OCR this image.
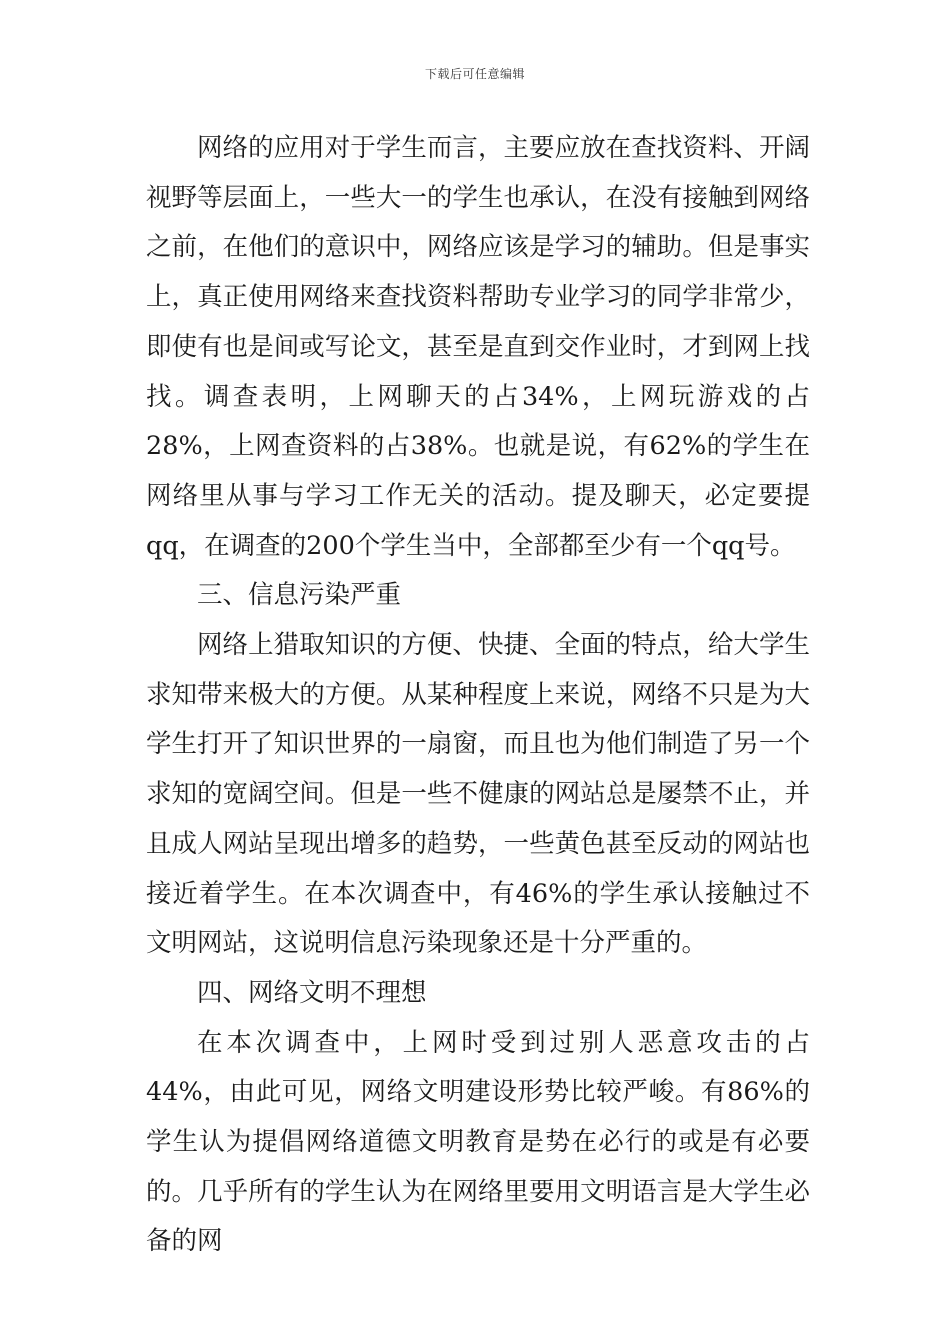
下载后可任意编辑

网络的应用对于学生而言，主要应放在查找资料、开阔视野等层面上，一些大一的学生也承认，在没有接触到网络之前，在他们的意识中，网络应该是学习的辅助。但是事实上，真正使用网络来查找资料帮助专业学习的同学非常少，即使有也是间或写论文，甚至是直到交作业时，才到网上找找。调查表明，上网聊天的占34%，上网玩游戏的占28%，上网查资料的占38%。也就是说，有62%的学生在网络里从事与学习工作无关的活动。提及聊天，必定要提qq，在调查的200个学生当中，全部都至少有一个qq号。

三、信息污染严重

网络上猎取知识的方便、快捷、全面的特点，给大学生求知带来极大的方便。从某种程度上来说，网络不只是为大学生打开了知识世界的一扇窗，而且也为他们制造了另一个求知的宽阔空间。但是一些不健康的网站总是屡禁不止，并且成人网站呈现出增多的趋势，一些黄色甚至反动的网站也接近着学生。在本次调查中，有46%的学生承认接触过不文明网站，这说明信息污染现象还是十分严重的。

四、网络文明不理想

在本次调查中，上网时受到过别人恶意攻击的占44%，由此可见，网络文明建设形势比较严峻。有86%的学生认为提倡网络道德文明教育是势在必行的或是有必要的。几乎所有的学生认为在网络里要用文明语言是大学生必备的网
